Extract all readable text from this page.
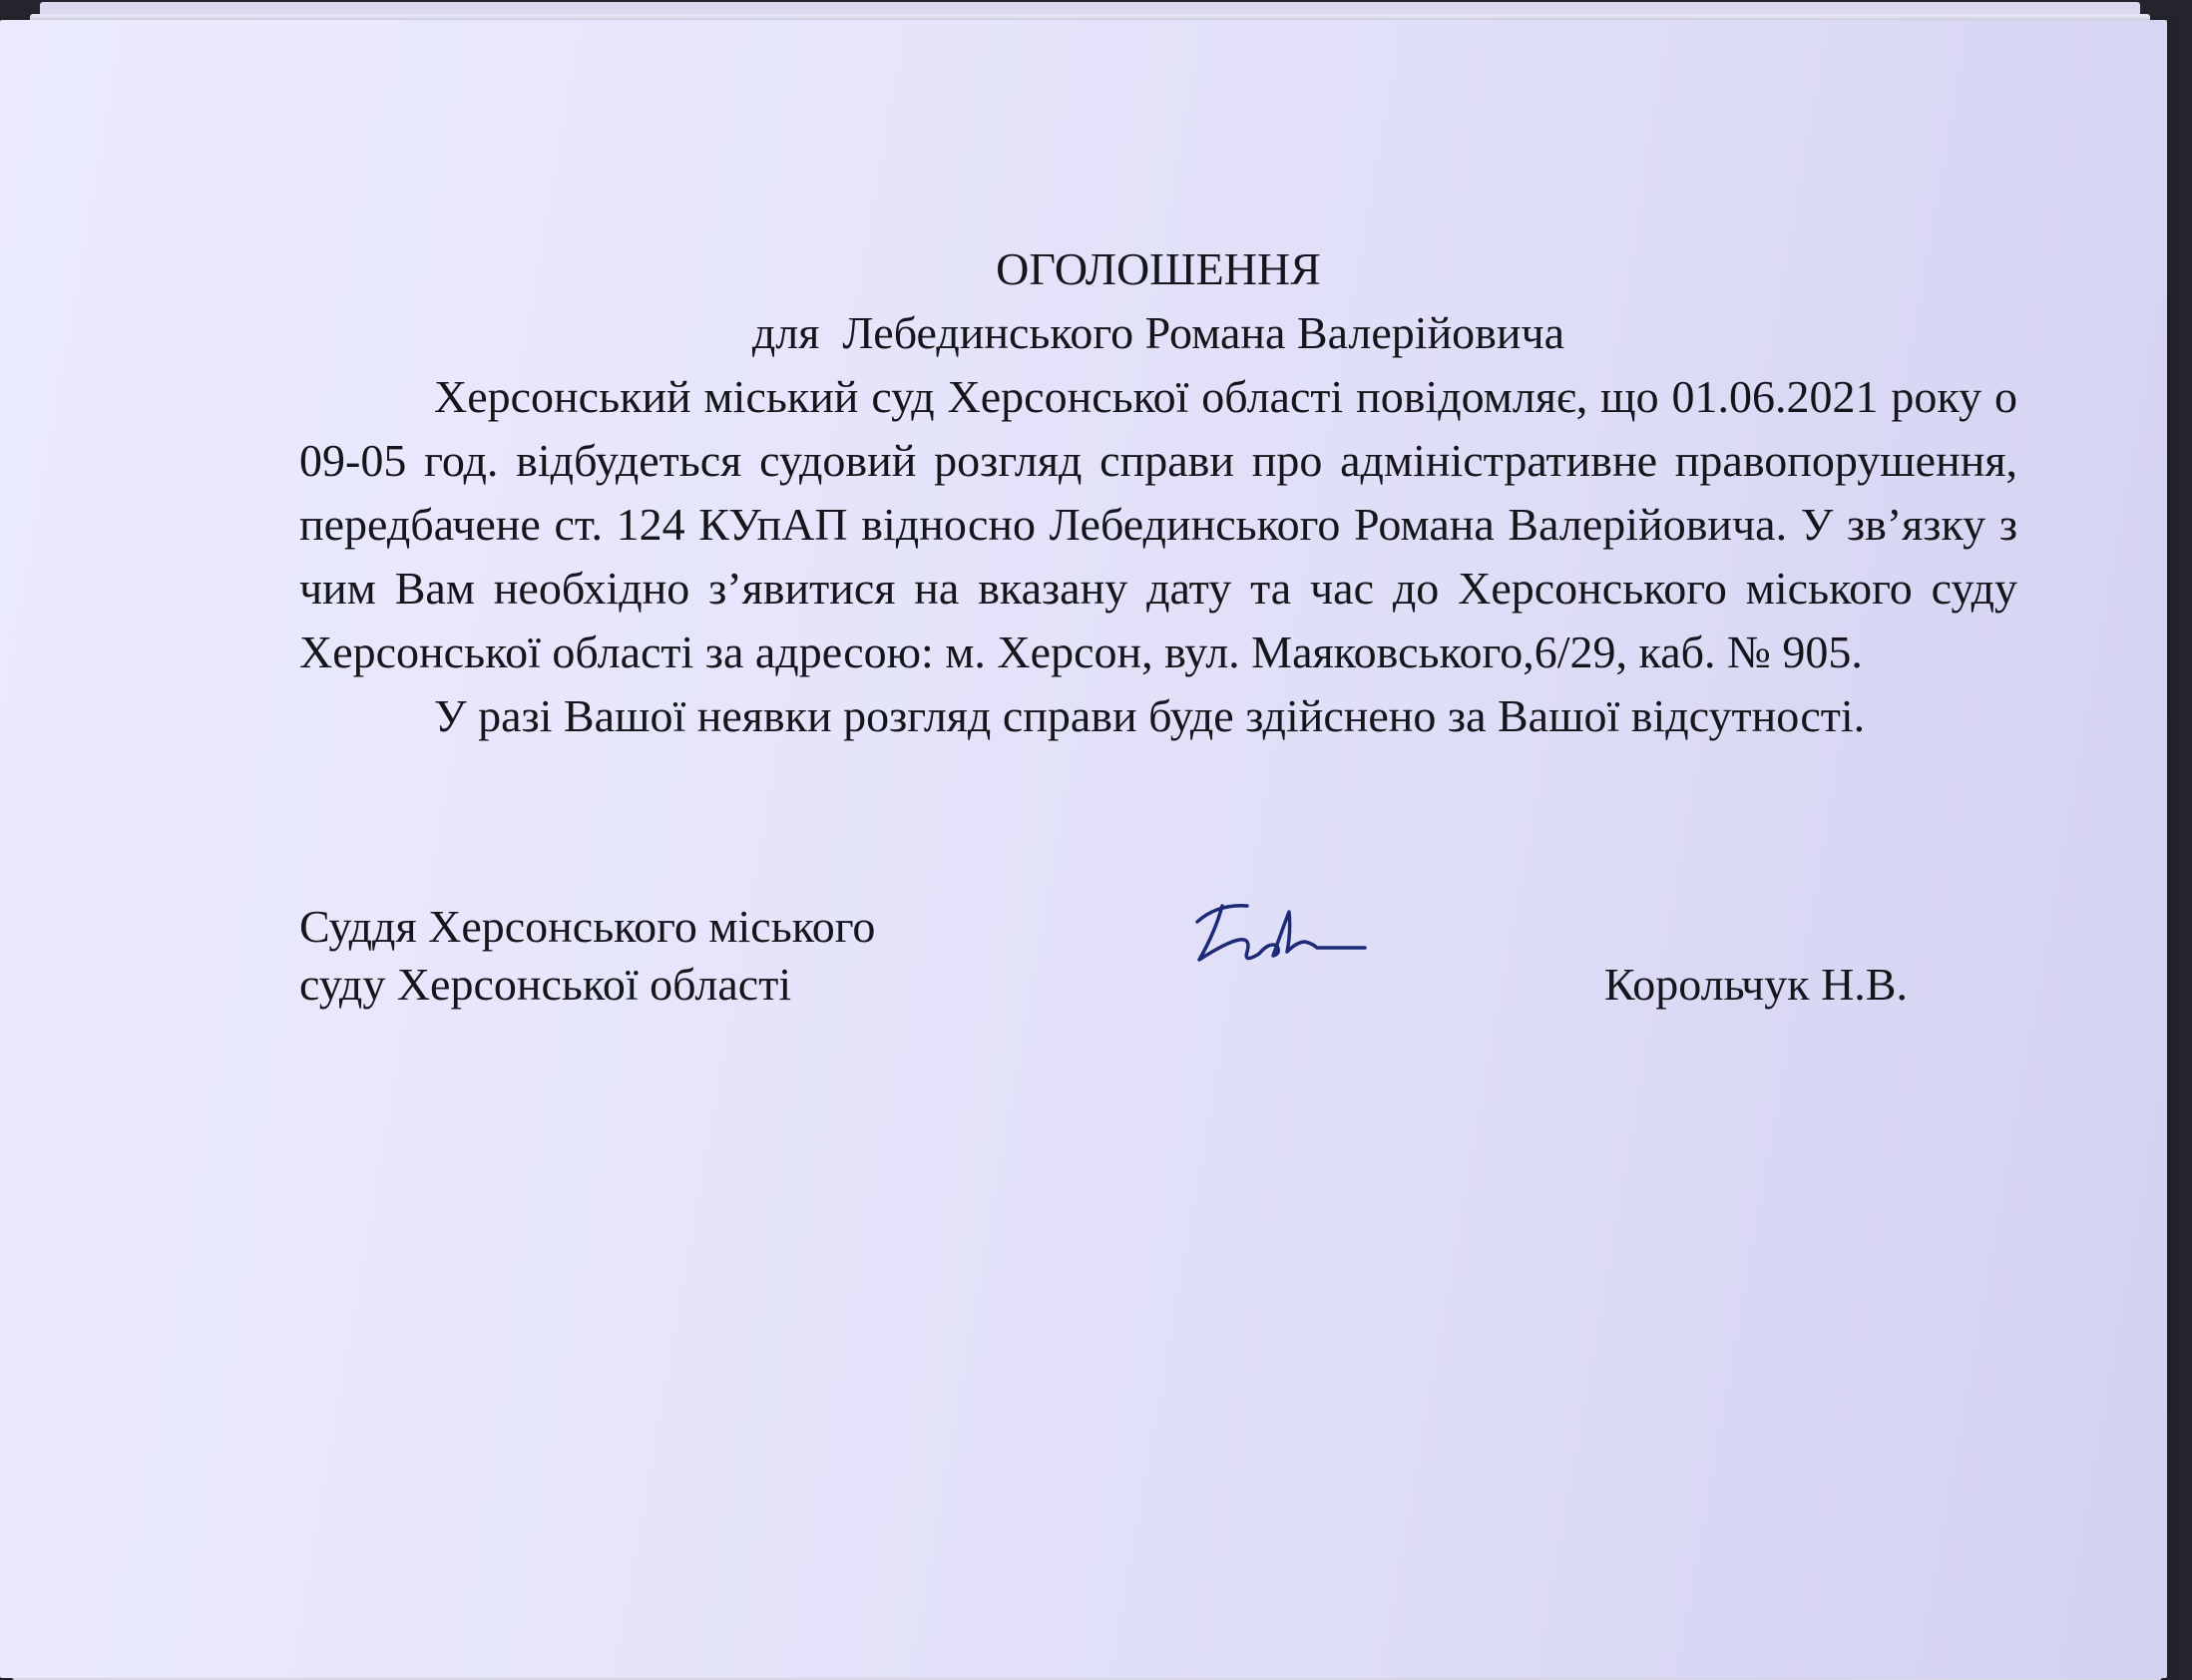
ОГОЛОШЕННЯ

для  Лебединського Романа Валерійовича

Херсонський міський суд Херсонської області повідомляє, що 01.06.2021 року о 09-05 год. відбудеться судовий розгляд справи про адміністративне правопорушення, передбачене ст. 124 КУпАП відносно Лебединського Романа Валерійовича. У зв’язку з чим Вам необхідно з’явитися на вказану дату та час до Херсонського міського суду Херсонської області за адресою: м. Херсон, вул. Маяковського,6/29, каб. № 905.

У разі Вашої неявки розгляд справи буде здійснено за Вашої відсутності.

Суддя Херсонського міського
суду Херсонської області	Корольчук Н.В.
